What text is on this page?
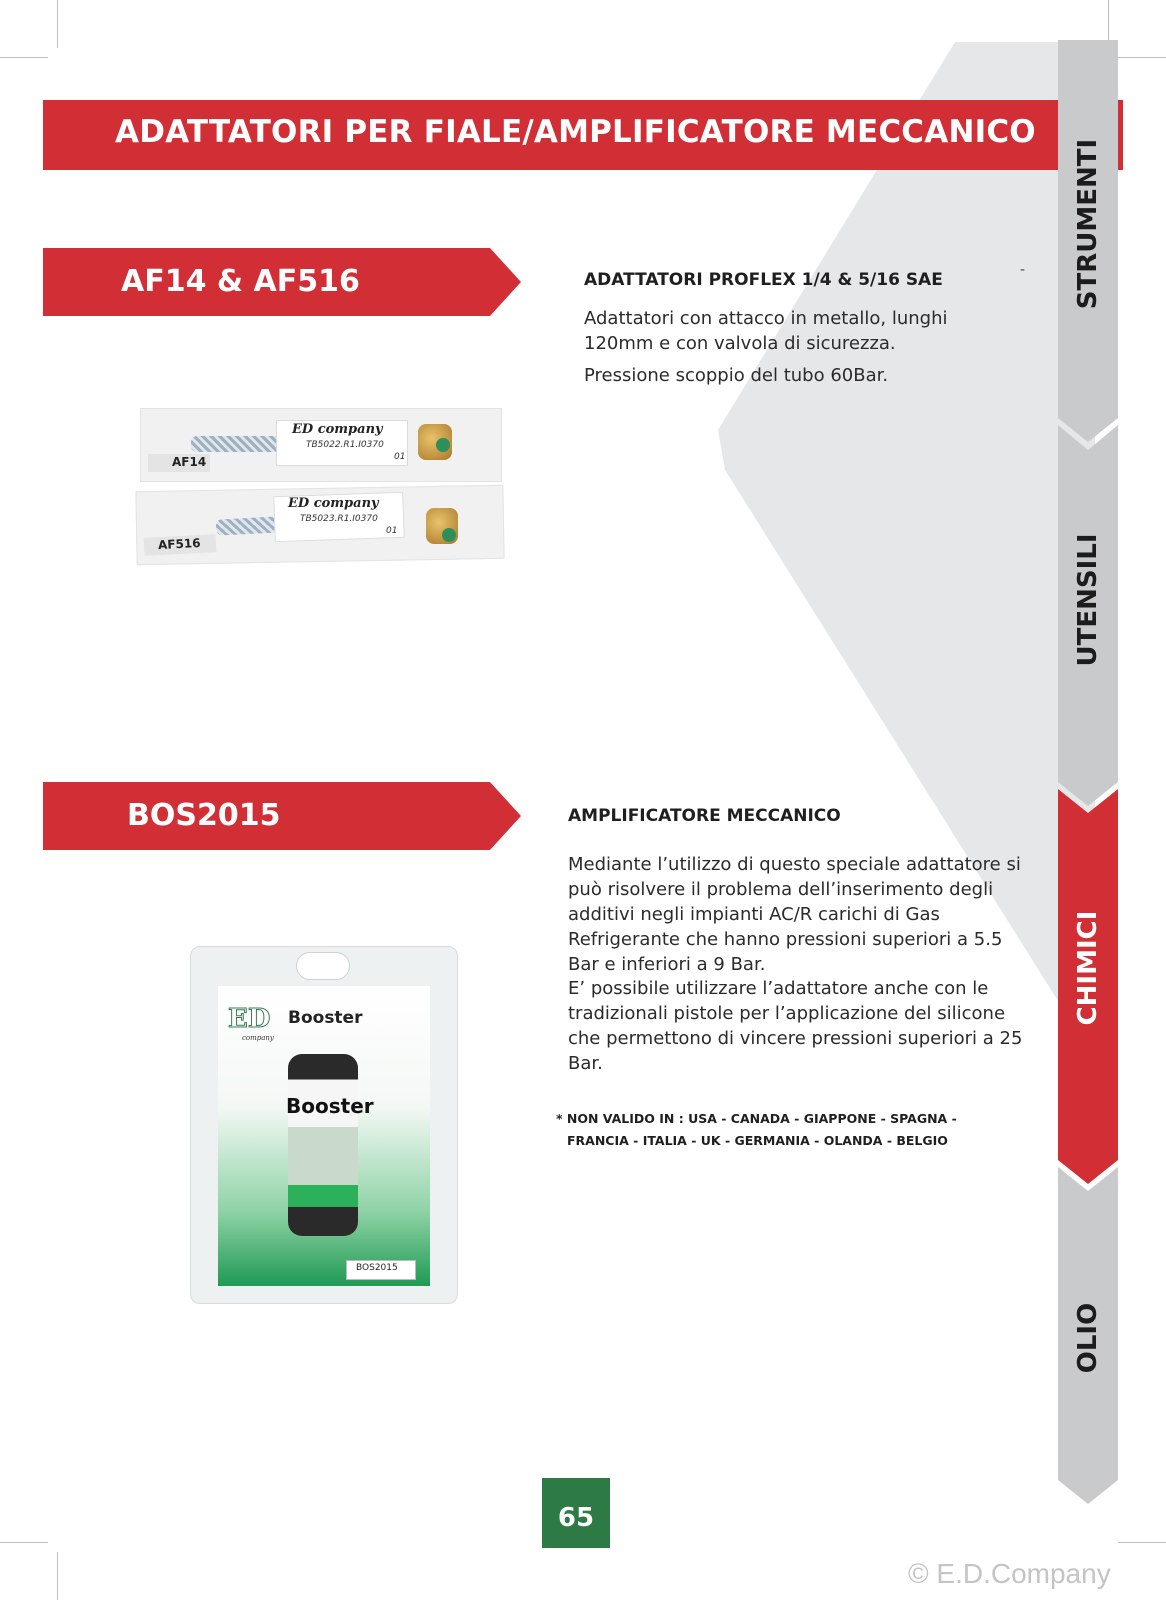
ADATTATORI PER FIALE/AMPLIFICATORE MECCANICO
STRUMENTI
UTENSILI
CHIMICI
OLIO
AF14 & AF516	ADATTATORI PROFLEX 1/4 & 5/16 SAE	-
Adattatori con attacco in metallo, lunghi 120mm e con valvola di sicurezza.
Pressione scoppio del tubo 60Bar.
ED company
TB5022.R1.I0370
01
AF14
ED company
TB5023.R1.I0370
01
AF516
BOS2015	AMPLIFICATORE MECCANICO
Mediante l’utilizzo di questo speciale adattatore si può risolvere il problema dell’inserimento degli additivi negli impianti AC/R carichi di Gas Refrigerante che hanno pressioni superiori a 5.5 Bar e inferiori a 9 Bar.
E’ possibile utilizzare l’adattatore anche con le tradizionali pistole per l’applicazione del silicone che permettono di vincere pressioni superiori a 25 Bar.
* NON VALIDO IN : USA - CANADA - GIAPPONE - SPAGNA -
FRANCIA - ITALIA - UK - GERMANIA - OLANDA - BELGIO
ED
company
Booster
Booster
BOS2015
65
© E.D.Company
